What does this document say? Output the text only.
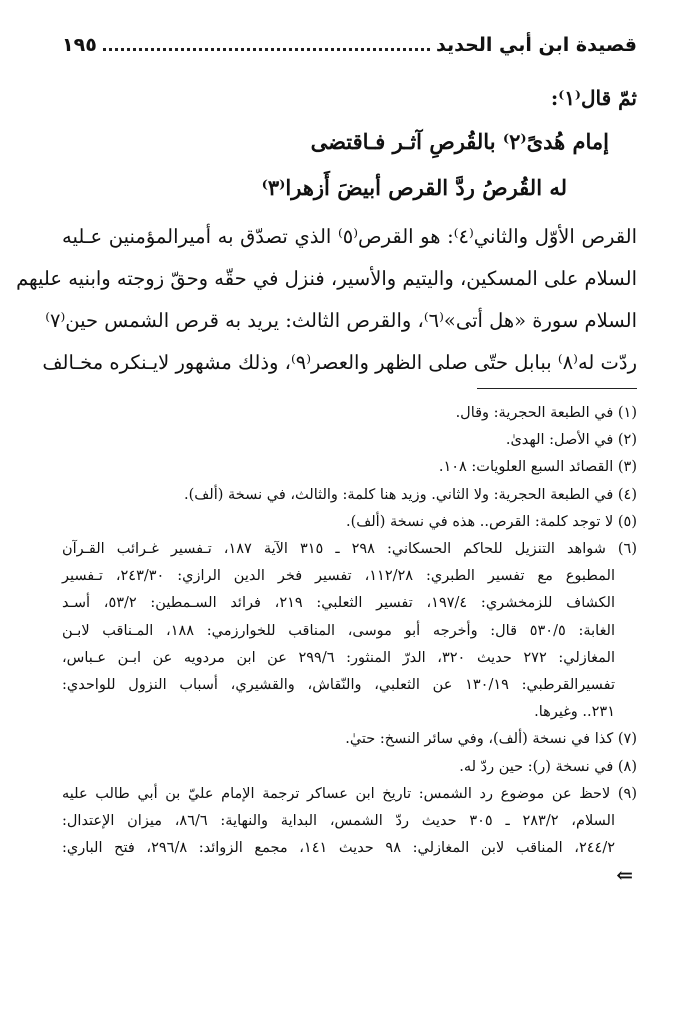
قصيدة ابن أبي الحديد
١٩٥
ثمّ قال⁽١⁾:
إمام هُدىً⁽٢⁾ بالقُرصِ آثـر فـاقتضى
له القُرصُ ردَّ القرص أبيضَ أَزهرا⁽٣⁾
القرص الأوّل والثاني⁽٤⁾: هو القرص⁽٥⁾ الذي تصدّق به أميرالمؤمنين عـليه
السلام على المسكين، واليتيم والأسير، فنزل في حقّه وحقّ زوجته وابنيه عليهم
السلام سورة «هل أتى»⁽٦⁾، والقرص الثالث: يريد به قرص الشمس حين⁽٧⁾
ردّت له⁽٨⁾ ببابل حتّى صلى الظهر والعصر⁽٩⁾، وذلك مشهور لايـنكره مخـالف
(١) في الطبعة الحجرية: وقال.
(٢) في الأصل: الهدىٰ.
(٣) القصائد السبع العلويات: ١٠٨.
(٤) في الطبعة الحجرية: ولا الثاني. وزيد هنا كلمة: والثالث، في نسخة (ألف).
(٥) لا توجد كلمة: القرص.. هذه في نسخة (ألف).
(٦) شواهد التنزيل للحاكم الحسكاني: ٢٩٨ ـ ٣١٥ الآية ١٨٧، تـفسير غـرائب القـرآن
المطبوع مع تفسير الطبري: ١١٢/٢٨، تفسير فخر الدين الرازي: ٢٤٣/٣٠، تـفسير
الكشاف للزمخشري: ١٩٧/٤، تفسير الثعلبي: ٢١٩، فرائد السـمطين: ٥٣/٢، أسـد
الغابة: ٥٣٠/٥ قال: وأخرجه أبو موسى، المناقب للخوارزمي: ١٨٨، المـناقب لابـن
المغازلي: ٢٧٢ حديث ٣٢٠، الدرّ المنثور: ٢٩٩/٦ عن ابن مردويه عن ابـن عـباس،
تفسيرالقرطبي: ١٣٠/١٩ عن الثعلبي، والنّقاش، والقشيري، أسباب النزول للواحدي:
٢٣١.. وغيرها.
(٧) كذا في نسخة (ألف)، وفي سائر النسخ: حتيٰ.
(٨) في نسخة (ر): حين ردّ له.
(٩) لاحظ عن موضوع رد الشمس: تاريخ ابن عساكر ترجمة الإمام عليّ بن أبي طالب عليه
السلام، ٢٨٣/٢ ـ ٣٠٥ حديث ردّ الشمس، البداية والنهاية: ٨٦/٦، ميزان الإعتدال:
٢٤٤/٢، المناقب لابن المغازلي: ٩٨ حديث ١٤١، مجمع الزوائد: ٢٩٦/٨، فتح الباري:
⇐
